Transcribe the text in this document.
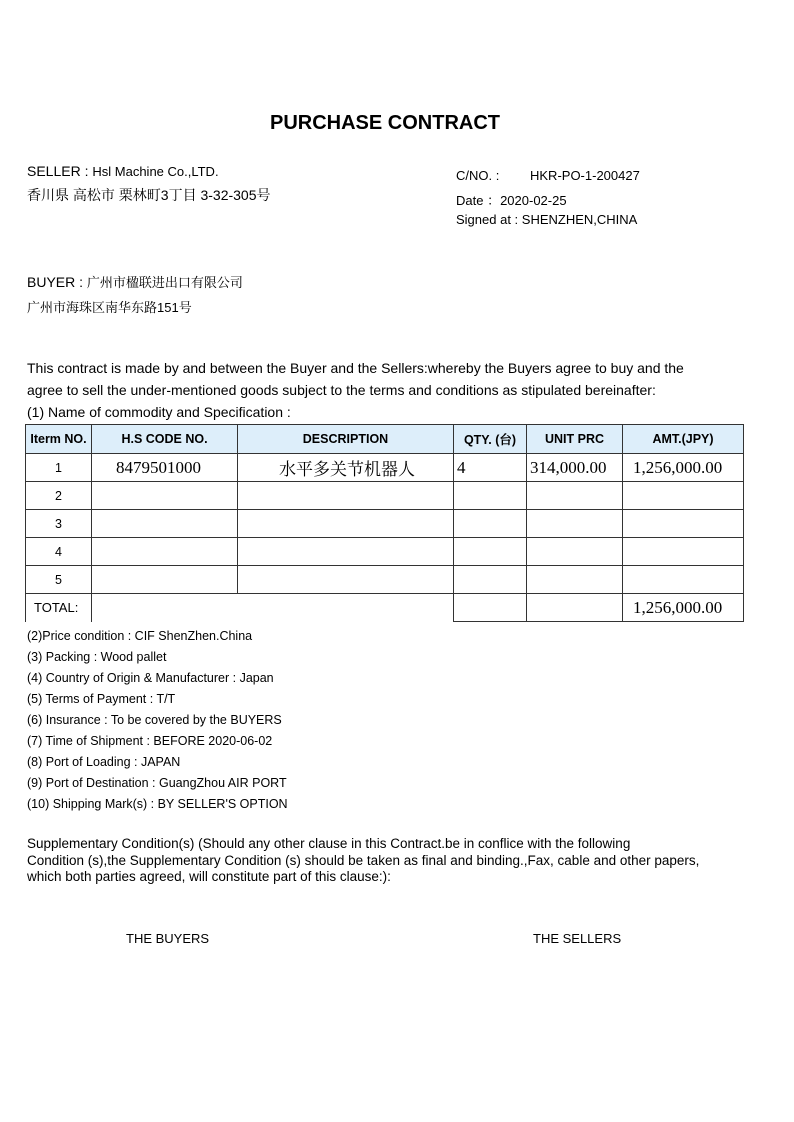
PURCHASE CONTRACT
SELLER : Hsl Machine Co.,LTD.
香川県 高松市 栗林町3丁目 3-32-305号
C/NO. : HKR-PO-1-200427
Date ：2020-02-25
Signed at : SHENZHEN,CHINA
BUYER : 广州市楹联进出口有限公司
广州市海珠区南华东路151号
This contract is made by and between the Buyer and the Sellers:whereby the Buyers agree to buy and the
agree to sell the under-mentioned goods subject to the terms and conditions as stipulated bereinafter:
(1) Name of commodity and Specification :
Iterm NO.	H.S CODE NO.	DESCRIPTION	QTY. (台)	UNIT PRC	AMT.(JPY)
1	8479501000	水平多关节机器人	4	314,000.00	1,256,000.00
2					
3					
4					
5					
TOTAL:					1,256,000.00
(2)Price condition : CIF ShenZhen.China
(3) Packing : Wood pallet
(4) Country of Origin & Manufacturer : Japan
(5) Terms of Payment : T/T
(6) Insurance : To be covered by the BUYERS
(7) Time of Shipment : BEFORE 2020-06-02
(8) Port of Loading : JAPAN
(9) Port of Destination : GuangZhou AIR PORT
(10) Shipping Mark(s) : BY SELLER'S OPTION
Supplementary Condition(s) (Should any other clause in this Contract.be in conflice with the following
Condition (s),the Supplementary Condition (s) should be taken as final and binding.,Fax, cable and other papers,
which both parties agreed, will constitute part of this clause:):
THE BUYERS	THE SELLERS
